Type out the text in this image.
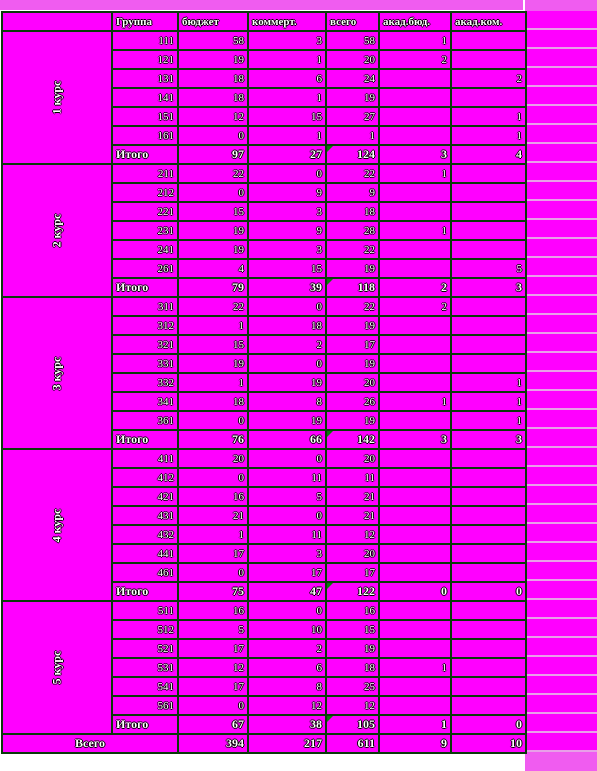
	Группа	бюджет	коммерт.	всего	акад.бюд.	акад.ком.
1 курс	111	58	3	58	1	
	121	19	1	20	2	
	131	18	6	24		2
	141	18	1	19		
	151	12	15	27		1
	161	0	1	1		1
	Итого	97	27	124	3	4
2 курс	211	22	0	22	1	
	212	0	9	9		
	221	15	3	18		
	231	19	9	28	1	
	241	19	3	22		
	261	4	15	19		5
	Итого	79	39	118	2	3
3 курс	311	22	0	22	2	
	312	1	18	19		
	321	15	2	17		
	331	19	0	19		
	332	1	19	20		1
	341	18	8	26	1	1
	361	0	19	19		1
	Итого	76	66	142	3	3
4 курс	411	20	0	20		
	412	0	11	11		
	421	16	5	21		
	431	21	0	21		
	432	1	11	12		
	441	17	3	20		
	461	0	17	17		
	Итого	75	47	122	0	0
5 курс	511	16	0	16		
	512	5	10	15		
	521	17	2	19		
	531	12	6	18	1	
	541	17	8	25		
	561	0	12	12		
	Итого	67	38	105	1	0
Всего		394	217	611	9	10
